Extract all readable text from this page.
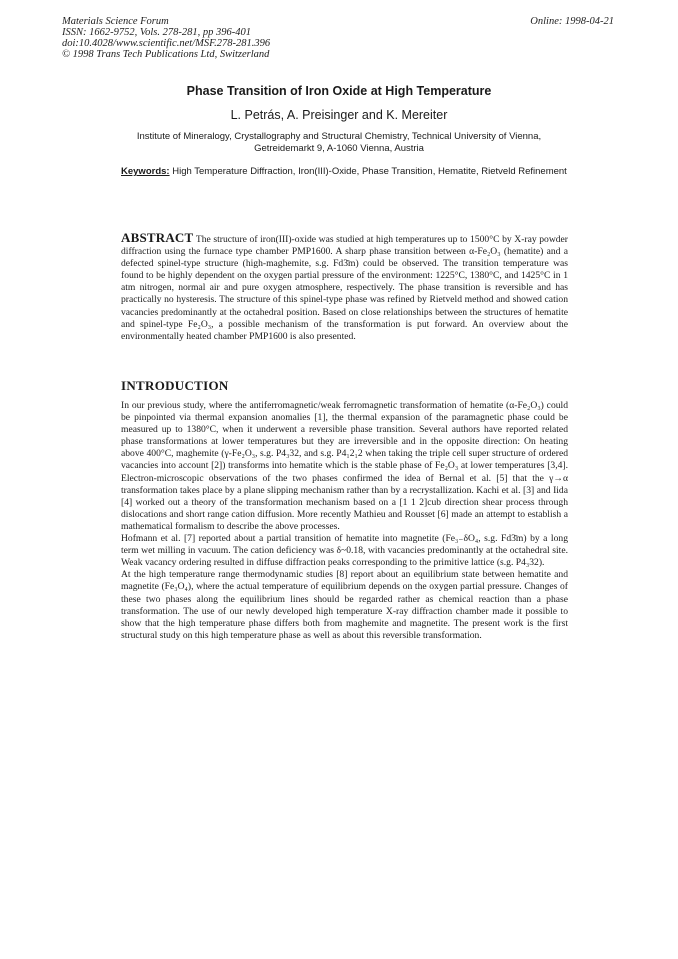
Materials Science Forum
ISSN: 1662-9752, Vols. 278-281, pp 396-401
doi:10.4028/www.scientific.net/MSF.278-281.396
© 1998 Trans Tech Publications Ltd, Switzerland
Online: 1998-04-21
Phase Transition of Iron Oxide at High Temperature
L. Petrás, A. Preisinger and K. Mereiter
Institute of Mineralogy, Crystallography and Structural Chemistry, Technical University of Vienna, Getreidemarkt 9, A-1060 Vienna, Austria
Keywords: High Temperature Diffraction, Iron(III)-Oxide, Phase Transition, Hematite, Rietveld Refinement
ABSTRACT The structure of iron(III)-oxide was studied at high temperatures up to 1500°C by X-ray powder diffraction using the furnace type chamber PMP1600. A sharp phase transition between α-Fe₂O₃ (hematite) and a defected spinel-type structure (high-maghemite, s.g. Fd3̄m) could be observed. The transition temperature was found to be highly dependent on the oxygen partial pressure of the environment: 1225°C, 1380°C, and 1425°C in 1 atm nitrogen, normal air and pure oxygen atmosphere, respectively. The phase transition is reversible and has practically no hysteresis. The structure of this spinel-type phase was refined by Rietveld method and showed cation vacancies predominantly at the octahedral position. Based on close relationships between the structures of hematite and spinel-type Fe₂O₃, a possible mechanism of the transformation is put forward. An overview about the environmentally heated chamber PMP1600 is also presented.
INTRODUCTION

In our previous study, where the antiferromagnetic/weak ferromagnetic transformation of hematite (α-Fe₂O₃) could be pinpointed via thermal expansion anomalies [1], the thermal expansion of the paramagnetic phase could be measured up to 1380°C, when it underwent a reversible phase transition. Several authors have reported related phase transformations at lower temperatures but they are irreversible and in the opposite direction: On heating above 400°C, maghemite (γ-Fe₂O₃, s.g. P4₃32, and s.g. P4₁2₁2 when taking the triple cell super structure of ordered vacancies into account [2]) transforms into hematite which is the stable phase of Fe₂O₃ at lower temperatures [3,4]. Electron-microscopic observations of the two phases confirmed the idea of Bernal et al. [5] that the γ→α transformation takes place by a plane slipping mechanism rather than by a recrystallization. Kachi et al. [3] and Iida [4] worked out a theory of the transformation mechanism based on a [1 1 2]cub direction shear process through dislocations and short range cation diffusion. More recently Mathieu and Rousset [6] made an attempt to establish a mathematical formalism to describe the above processes.

Hofmann et al. [7] reported about a partial transition of hematite into magnetite (Fe₃₋δO₄, s.g. Fd3̄m) by a long term wet milling in vacuum. The cation deficiency was δ~0.18, with vacancies predominantly at the octahedral site. Weak vacancy ordering resulted in diffuse diffraction peaks corresponding to the primitive lattice (s.g. P4₃32).

At the high temperature range thermodynamic studies [8] report about an equilibrium state between hematite and magnetite (Fe₃O₄), where the actual temperature of equilibrium depends on the oxygen partial pressure. Changes of these two phases along the equilibrium lines should be regarded rather as chemical reaction than a phase transformation. The use of our newly developed high temperature X-ray diffraction chamber made it possible to show that the high temperature phase differs both from maghemite and magnetite. The present work is the first structural study on this high temperature phase as well as about this reversible transformation.
